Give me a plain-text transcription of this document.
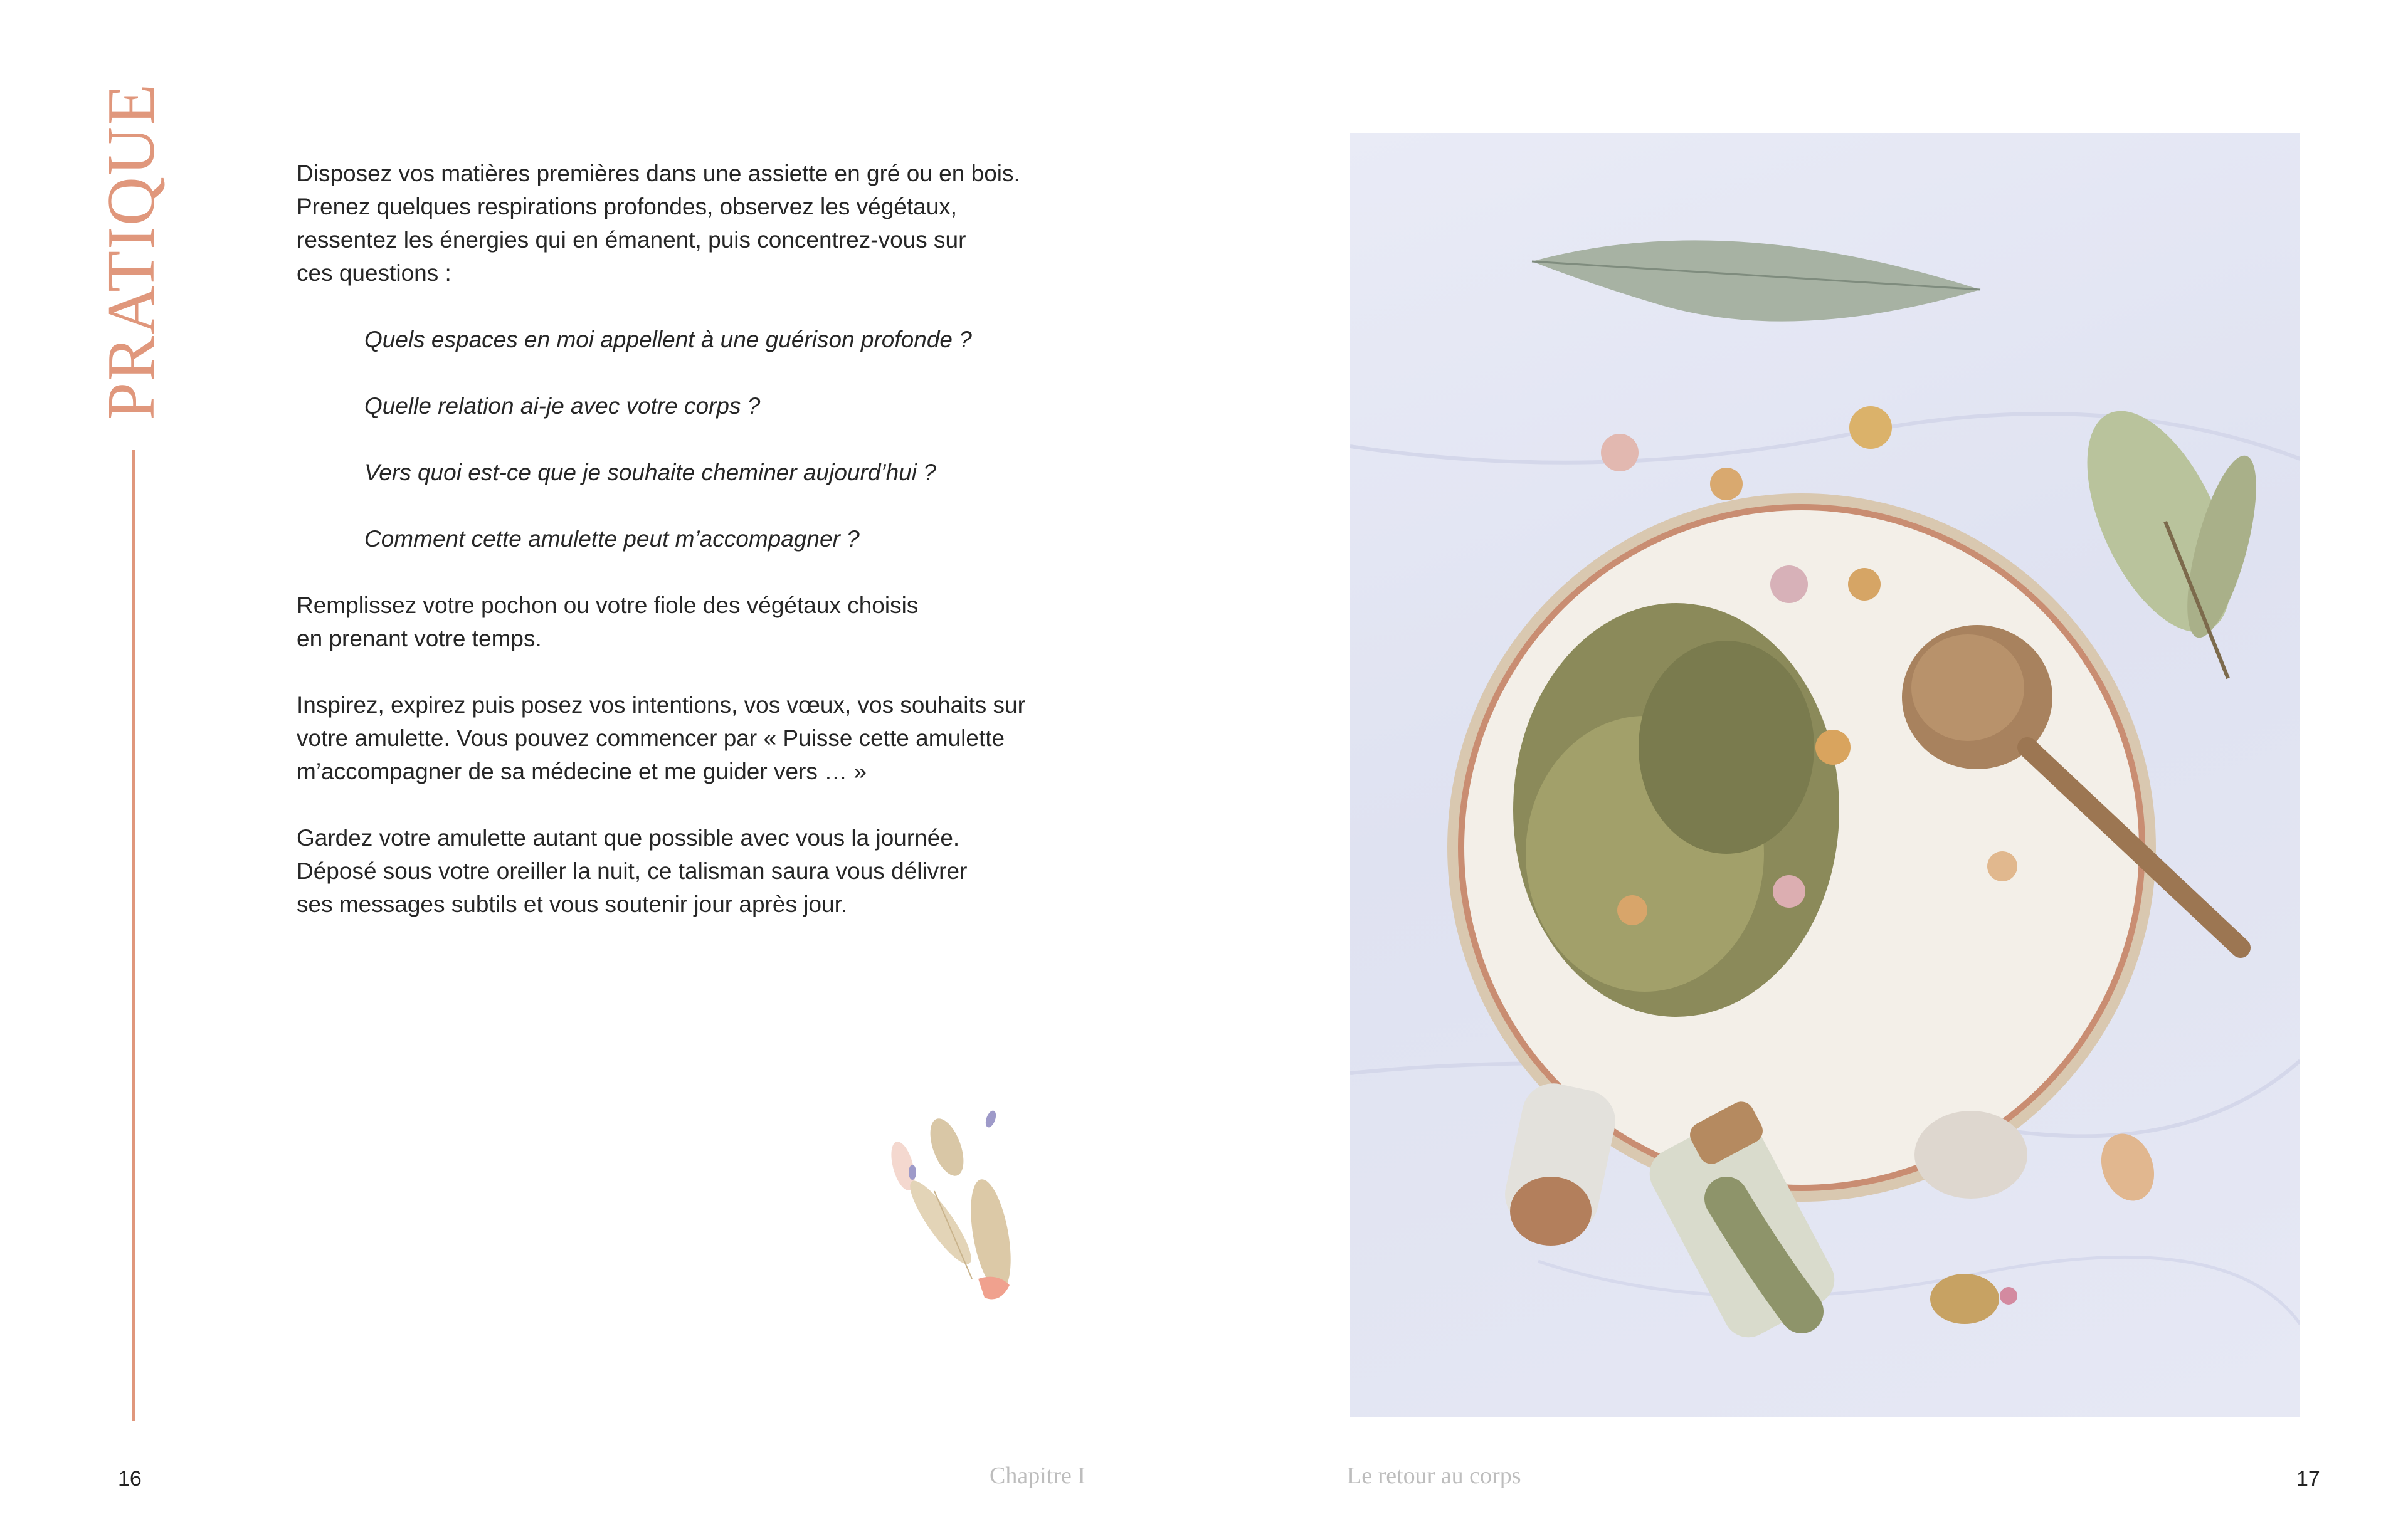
PRATIQUE	Disposez vos matières premières dans une assiette en gré ou en bois.
Prenez quelques respirations profondes, observez les végétaux,
ressentez les énergies qui en émanent, puis concentrez-vous sur
ces questions :

Quels espaces en moi appellent à une guérison profonde ?

Quelle relation ai-je avec votre corps ?

Vers quoi est-ce que je souhaite cheminer aujourd’hui ?

Comment cette amulette peut m’accompagner ?

Remplissez votre pochon ou votre fiole des végétaux choisis
en prenant votre temps.

Inspirez, expirez puis posez vos intentions, vos vœux, vos souhaits sur
votre amulette. Vous pouvez commencer par « Puisse cette amulette
m’accompagner de sa médecine et me guider vers … »

Gardez votre amulette autant que possible avec vous la journée.
Déposé sous votre oreiller la nuit, ce talisman saura vous délivrer
ses messages subtils et vous soutenir jour après jour.

16	Chapitre I	Le retour au corps	17
